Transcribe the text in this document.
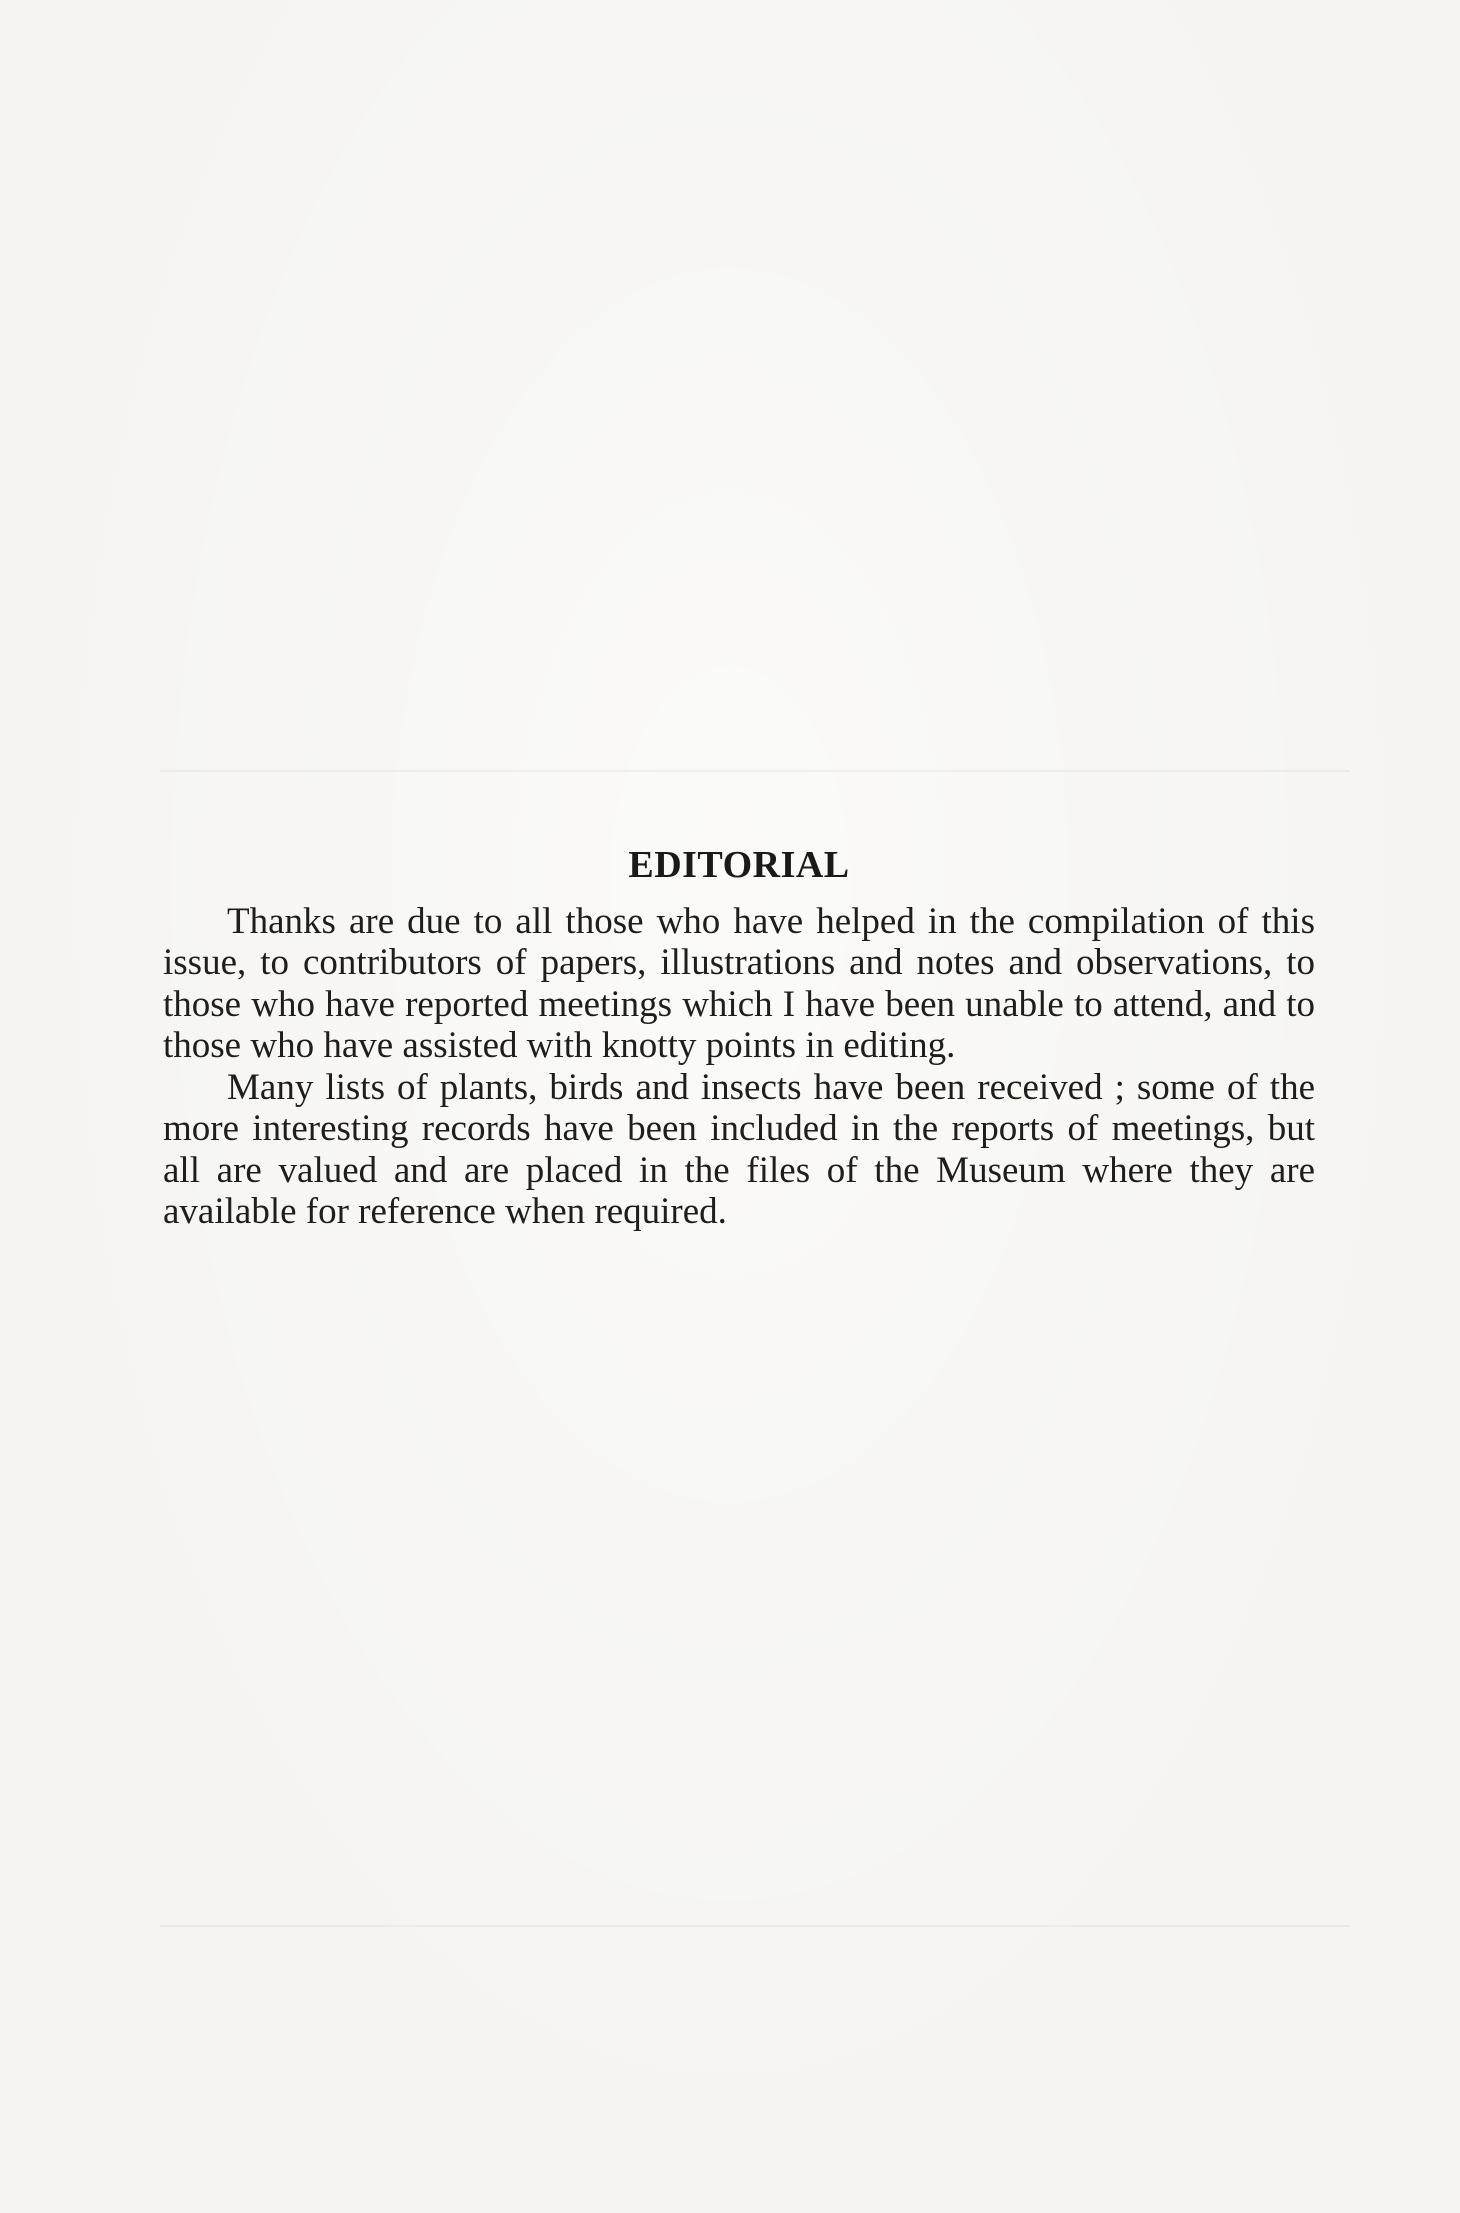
EDITORIAL

Thanks are due to all those who have helped in the compilation of this issue, to contributors of papers, illustrations and notes and observations, to those who have reported meetings which I have been unable to attend, and to those who have assisted with knotty points in editing.

Many lists of plants, birds and insects have been received ; some of the more interesting records have been included in the reports of meetings, but all are valued and are placed in the files of the Museum where they are available for reference when required.
